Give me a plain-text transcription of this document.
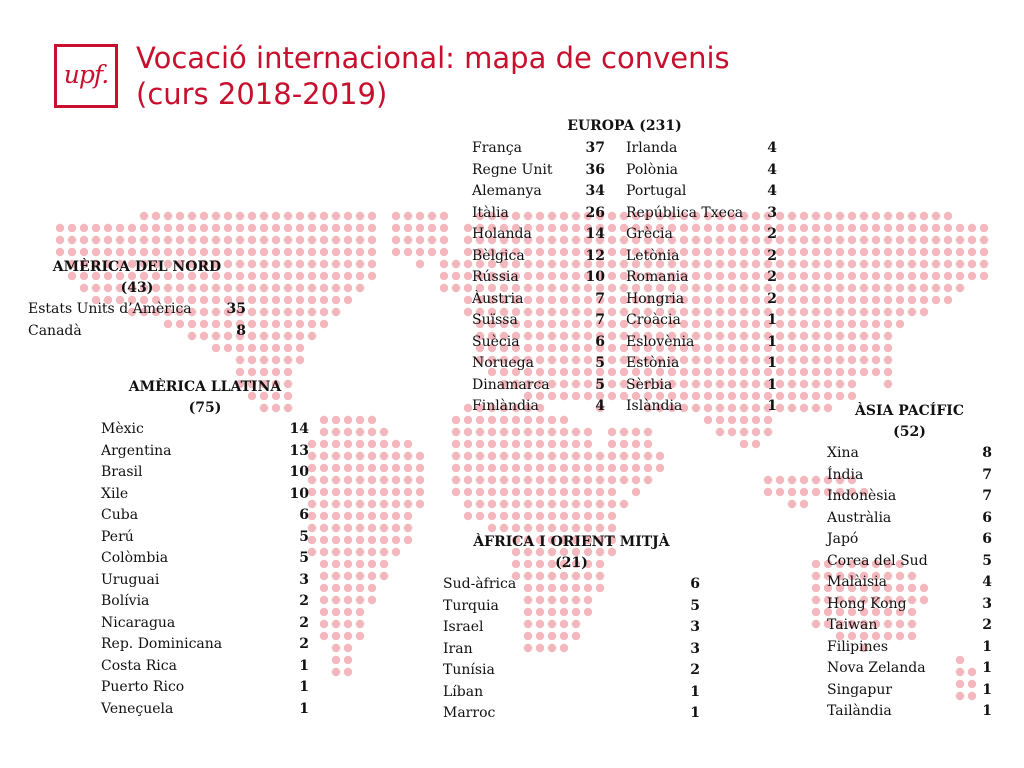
upf. Vocació internacional: mapa de convenis
(curs 2018-2019)
AMÈRICA DEL NORD
(43)
Estats Units d’Amèrica 35
Canadà	8
AMÈRICA LLATINA
(75)
Mèxic	14
Argentina	13
Brasil	10
Xile	10
Cuba	6
Perú	5
Colòmbia	5
Uruguai	3
Bolívia	2
Nicaragua	2
Rep. Dominicana	2
Costa Rica	1
Puerto Rico	1
Veneçuela	1
EUROPA (231)
França	37
Regne Unit 36
Alemanya	34
Itàlia	26
Holanda	14
Bèlgica	12
Rússia	10
Àustria	7
Suïssa	7
Suècia	6
Noruega	5
Dinamarca	5
Finlàndia	4
Irlanda	4
Polònia	4
Portugal	4
República Txeca 3
Grècia	2
Letònia	2
Romania	2
Hongria	2
Croàcia	1
Eslovènia	1
Estònia	1
Sèrbia	1
Islàndia	1
ÀFRICA I ORIENT MITJÀ
(21)
Sud-àfrica	6
Turquia	5
Israel	3
Iran	3
Tunísia	2
Líban	1
Marroc	1
ÀSIA PACÍFIC
(52)
Xina	8
Índia	7
Indonèsia	7
Austràlia	6
Japó	6
Corea del Sud	5
Malàisia	4
Hong Kong	3
Taiwan	2
Filipines	1
Nova Zelanda	1
Singapur	1
Tailàndia	1
